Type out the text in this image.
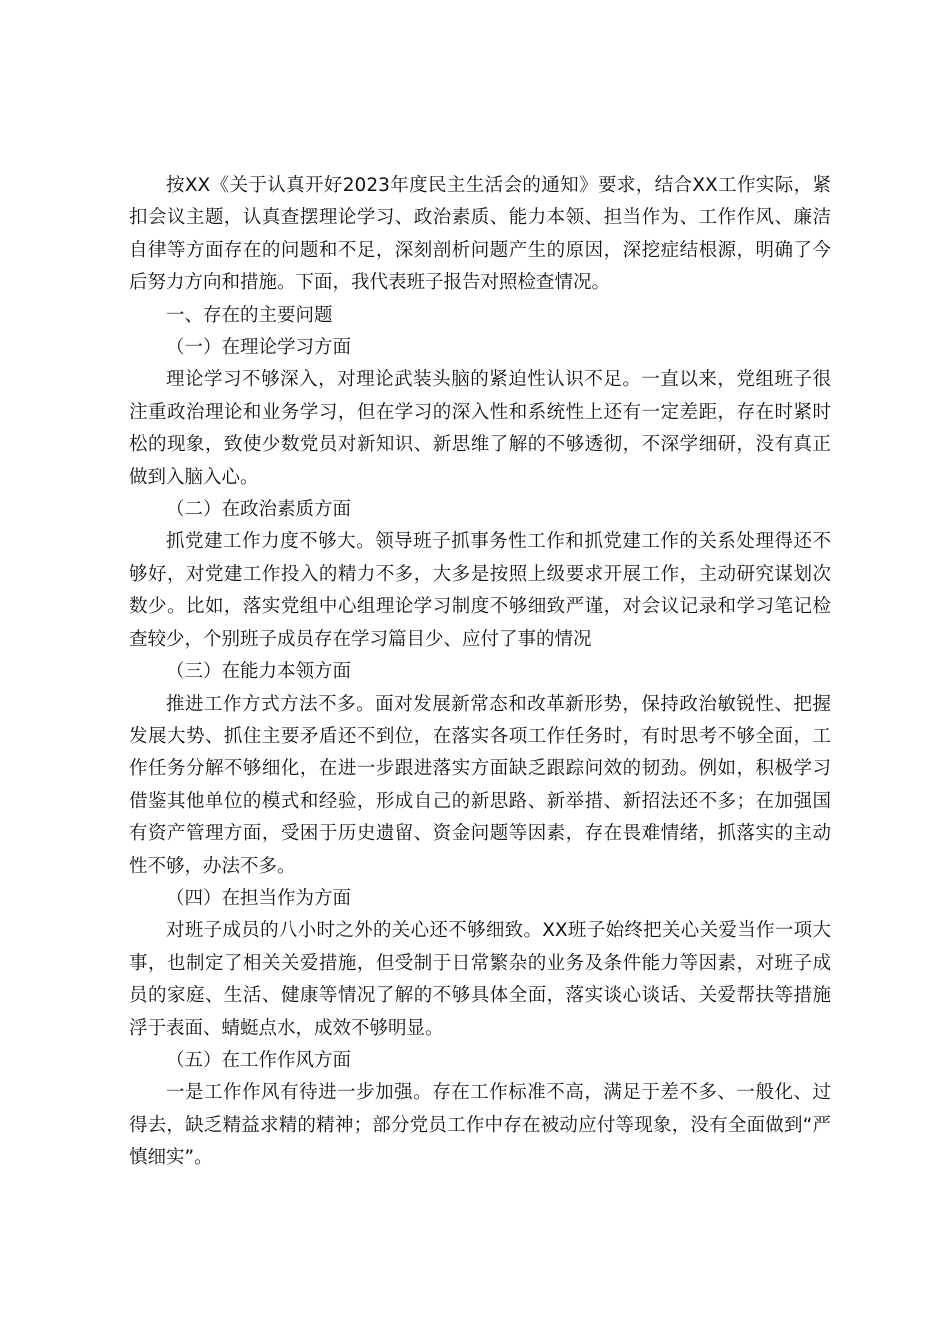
按XX《关于认真开好2023年度民主生活会的通知》要求，结合XX工作实际，紧扣会议主题，认真查摆理论学习、政治素质、能力本领、担当作为、工作作风、廉洁自律等方面存在的问题和不足，深刻剖析问题产生的原因，深挖症结根源，明确了今后努力方向和措施。下面，我代表班子报告对照检查情况。

一、存在的主要问题

（一）在理论学习方面

理论学习不够深入，对理论武装头脑的紧迫性认识不足。一直以来，党组班子很注重政治理论和业务学习，但在学习的深入性和系统性上还有一定差距，存在时紧时松的现象，致使少数党员对新知识、新思维了解的不够透彻，不深学细研，没有真正做到入脑入心。

（二）在政治素质方面

抓党建工作力度不够大。领导班子抓事务性工作和抓党建工作的关系处理得还不够好，对党建工作投入的精力不多，大多是按照上级要求开展工作，主动研究谋划次数少。比如，落实党组中心组理论学习制度不够细致严谨，对会议记录和学习笔记检查较少，个别班子成员存在学习篇目少、应付了事的情况

（三）在能力本领方面

推进工作方式方法不多。面对发展新常态和改革新形势，保持政治敏锐性、把握发展大势、抓住主要矛盾还不到位，在落实各项工作任务时，有时思考不够全面，工作任务分解不够细化，在进一步跟进落实方面缺乏跟踪问效的韧劲。例如，积极学习借鉴其他单位的模式和经验，形成自己的新思路、新举措、新招法还不多；在加强国有资产管理方面，受困于历史遗留、资金问题等因素，存在畏难情绪，抓落实的主动性不够，办法不多。

（四）在担当作为方面

对班子成员的八小时之外的关心还不够细致。XX班子始终把关心关爱当作一项大事，也制定了相关关爱措施，但受制于日常繁杂的业务及条件能力等因素，对班子成员的家庭、生活、健康等情况了解的不够具体全面，落实谈心谈话、关爱帮扶等措施浮于表面、蜻蜓点水，成效不够明显。

（五）在工作作风方面

一是工作作风有待进一步加强。存在工作标准不高，满足于差不多、一般化、过得去，缺乏精益求精的精神；部分党员工作中存在被动应付等现象，没有全面做到“严慎细实”。
